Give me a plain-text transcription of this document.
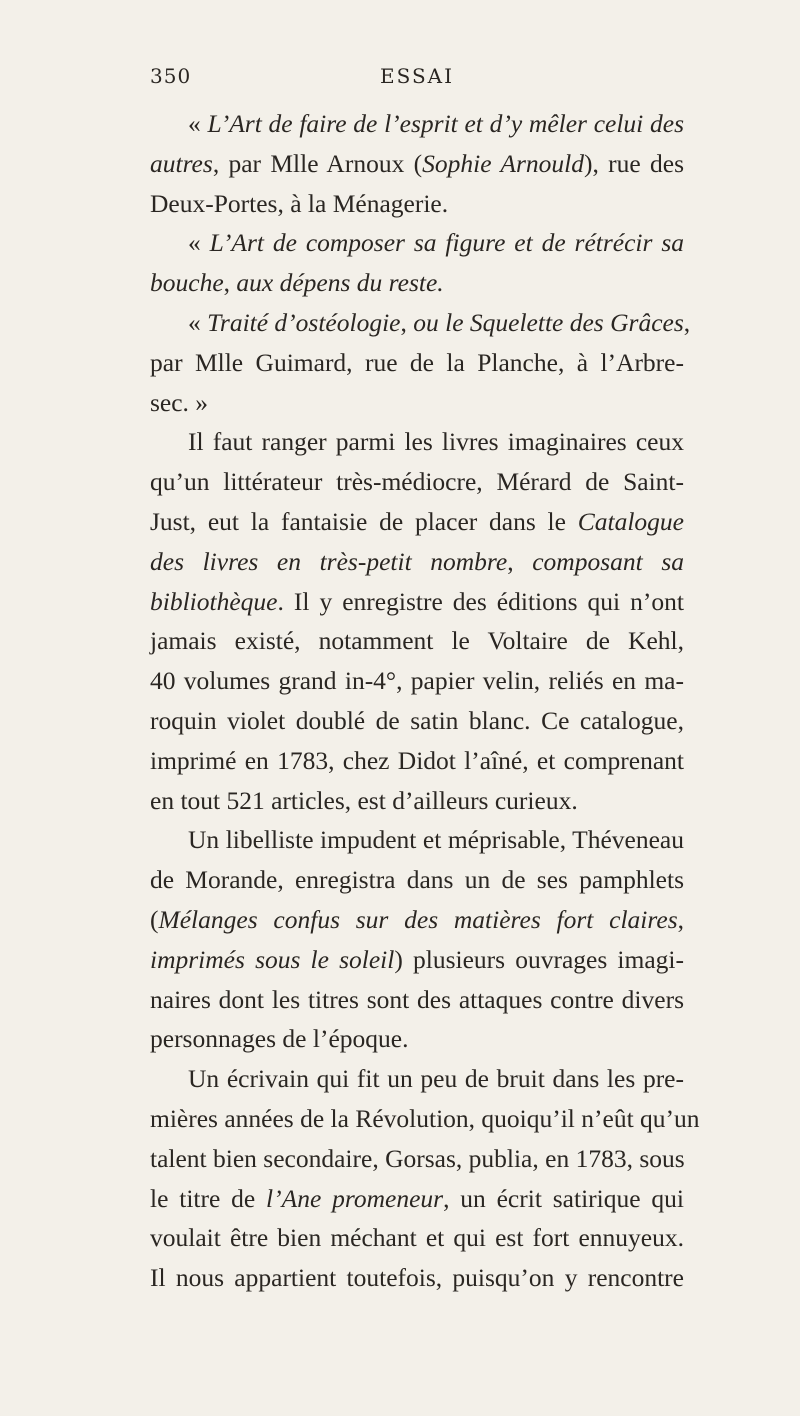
350	ESSAI
« L’Art de faire de l’esprit et d’y mêler celui des
autres, par Mlle Arnoux (Sophie Arnould), rue des
Deux-Portes, à la Ménagerie.
« L’Art de composer sa figure et de rétrécir sa
bouche, aux dépens du reste.
« Traité d’ostéologie, ou le Squelette des Grâces,
par Mlle Guimard, rue de la Planche, à l’Arbre-
sec. »
Il faut ranger parmi les livres imaginaires ceux
qu’un littérateur très-médiocre, Mérard de Saint-
Just, eut la fantaisie de placer dans le Catalogue
des livres en très-petit nombre, composant sa
bibliothèque. Il y enregistre des éditions qui n’ont
jamais existé, notamment le Voltaire de Kehl,
40 volumes grand in-4°, papier velin, reliés en ma-
roquin violet doublé de satin blanc. Ce catalogue,
imprimé en 1783, chez Didot l’aîné, et comprenant
en tout 521 articles, est d’ailleurs curieux.
Un libelliste impudent et méprisable, Théveneau
de Morande, enregistra dans un de ses pamphlets
(Mélanges confus sur des matières fort claires,
imprimés sous le soleil) plusieurs ouvrages imagi-
naires dont les titres sont des attaques contre divers
personnages de l’époque.
Un écrivain qui fit un peu de bruit dans les pre-
mières années de la Révolution, quoiqu’il n’eût qu’un
talent bien secondaire, Gorsas, publia, en 1783, sous
le titre de l’Ane promeneur, un écrit satirique qui
voulait être bien méchant et qui est fort ennuyeux.
Il nous appartient toutefois, puisqu’on y rencontre
